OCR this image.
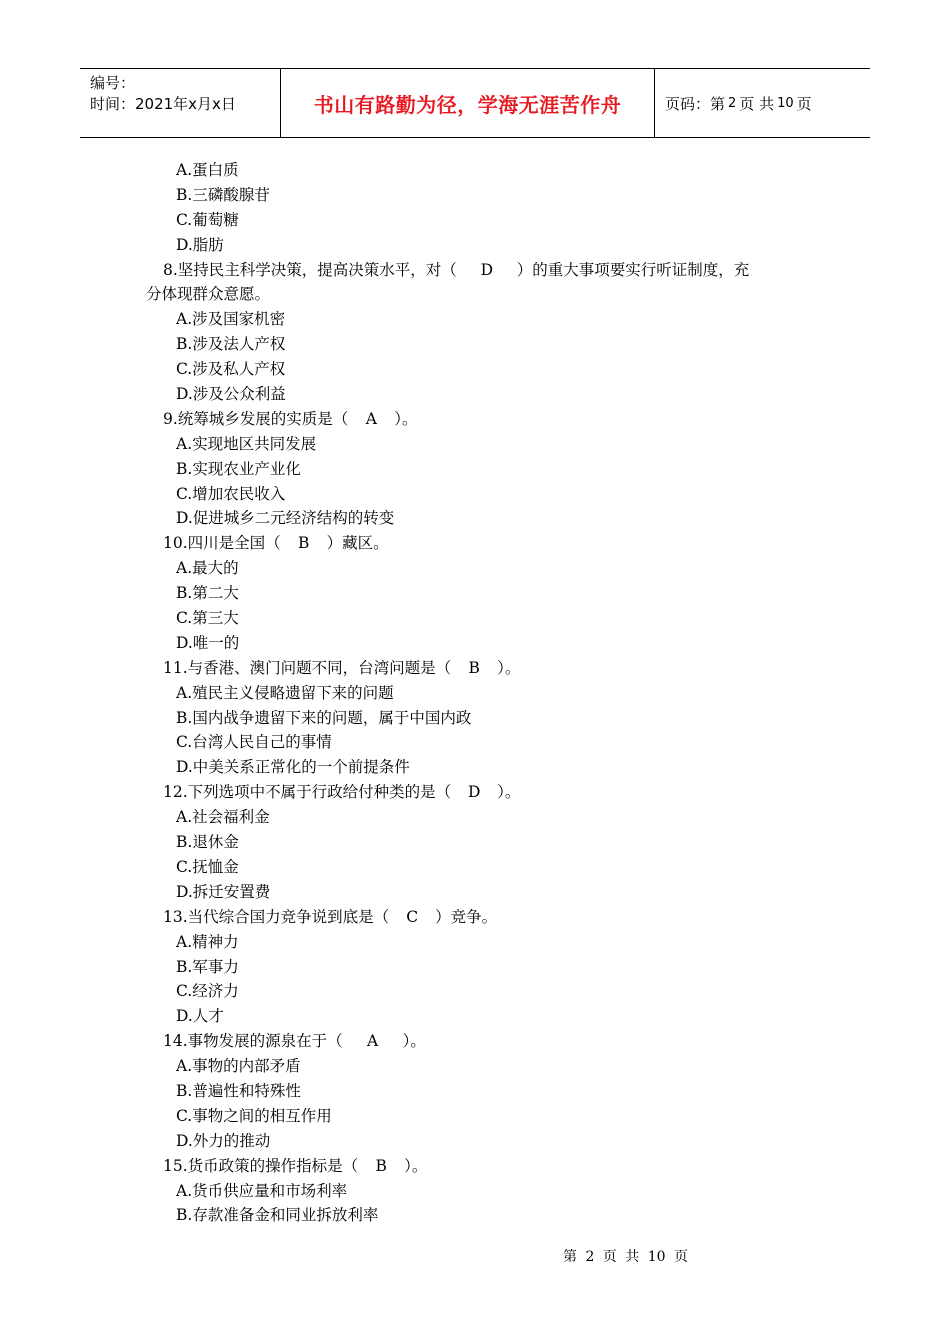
编号：
时间：2021年x月x日	书山有路勤为径，学海无涯苦作舟	页码：第 2 页 共 10 页
A.蛋白质
B.三磷酸腺苷
C.葡萄糖
D.脂肪
8.坚持民主科学决策，提高决策水平，对（ D ）的重大事项要实行听证制度，充
分体现群众意愿。
A.涉及国家机密
B.涉及法人产权
C.涉及私人产权
D.涉及公众利益
9.统筹城乡发展的实质是（ A ）。
A.实现地区共同发展
B.实现农业产业化
C.增加农民收入
D.促进城乡二元经济结构的转变
10.四川是全国（ B ）藏区。
A.最大的
B.第二大
C.第三大
D.唯一的
11.与香港、澳门问题不同，台湾问题是（ B ）。
A.殖民主义侵略遗留下来的问题
B.国内战争遗留下来的问题，属于中国内政
C.台湾人民自己的事情
D.中美关系正常化的一个前提条件
12.下列选项中不属于行政给付种类的是（ D ）。
A.社会福利金
B.退休金
C.抚恤金
D.拆迁安置费
13.当代综合国力竞争说到底是（ C ）竞争。
A.精神力
B.军事力
C.经济力
D.人才
14.事物发展的源泉在于（ A ）。
A.事物的内部矛盾
B.普遍性和特殊性
C.事物之间的相互作用
D.外力的推动
15.货币政策的操作指标是（ B ）。
A.货币供应量和市场利率
B.存款准备金和同业拆放利率
第 2 页 共 10 页
